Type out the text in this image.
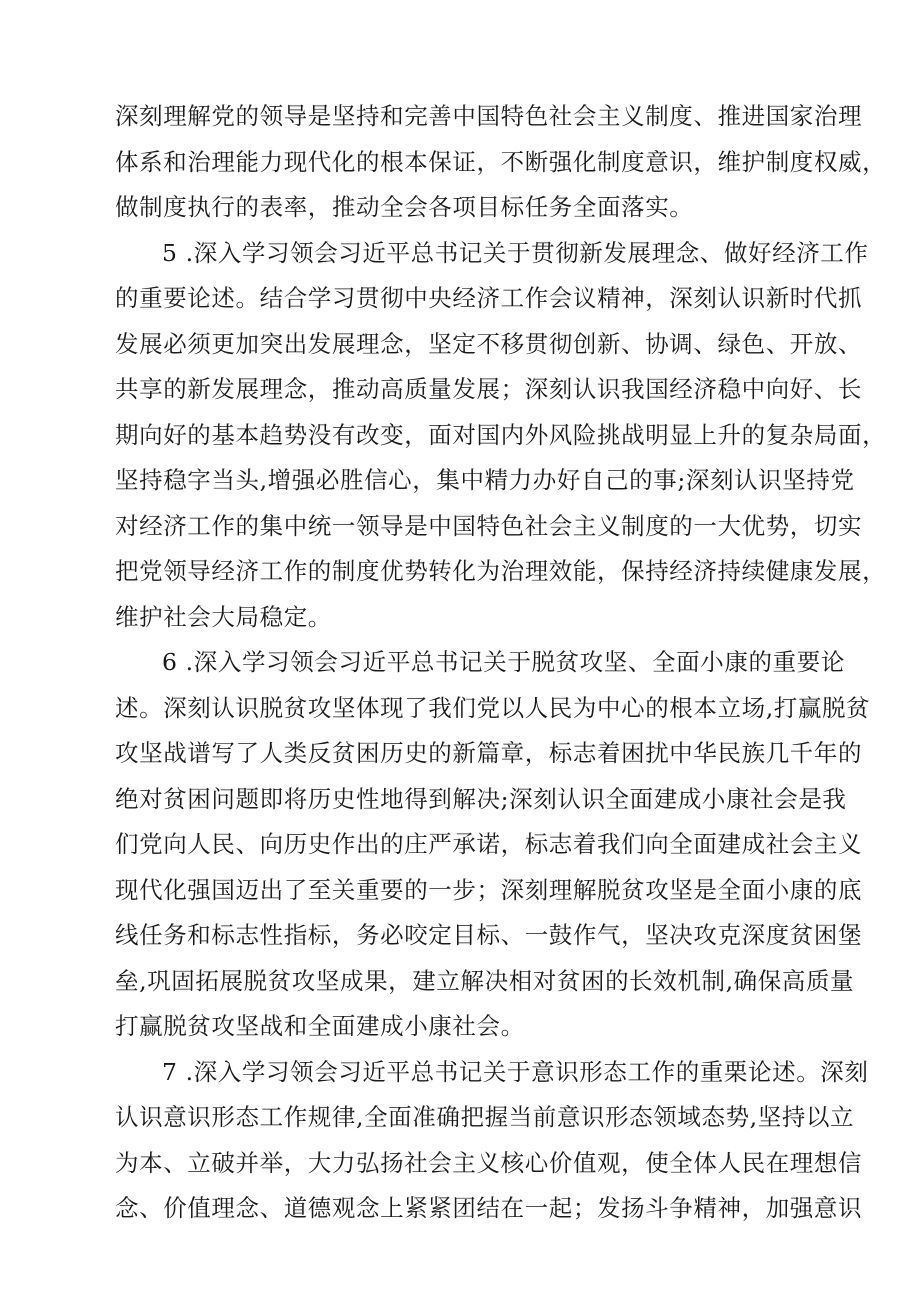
深刻理解党的领导是坚持和完善中国特色社会主义制度、推进国家治理
体系和治理能力现代化的根本保证，不断强化制度意识，维护制度权威，
做制度执行的表率，推动全会各项目标任务全面落实。
5 .深入学习领会习近平总书记关于贯彻新发展理念、做好经济工作
的重要论述。结合学习贯彻中央经济工作会议精神，深刻认识新时代抓
发展必须更加突出发展理念，坚定不移贯彻创新、协调、绿色、开放、
共享的新发展理念，推动高质量发展；深刻认识我国经济稳中向好、长
期向好的基本趋势没有改变，面对国内外风险挑战明显上升的复杂局面，
坚持稳字当头,增强必胜信心，集中精力办好自己的事;深刻认识坚持党
对经济工作的集中统一领导是中国特色社会主义制度的一大优势，切实
把党领导经济工作的制度优势转化为治理效能，保持经济持续健康发展，
维护社会大局稳定。
6 .深入学习领会习近平总书记关于脱贫攻坚、全面小康的重要论
述。深刻认识脱贫攻坚体现了我们党以人民为中心的根本立场,打赢脱贫
攻坚战谱写了人类反贫困历史的新篇章，标志着困扰中华民族几千年的
绝对贫困问题即将历史性地得到解决;深刻认识全面建成小康社会是我
们党向人民、向历史作出的庄严承诺，标志着我们向全面建成社会主义
现代化强国迈出了至关重要的一步；深刻理解脱贫攻坚是全面小康的底
线任务和标志性指标，务必咬定目标、一鼓作气，坚决攻克深度贫困堡
垒,巩固拓展脱贫攻坚成果，建立解决相对贫困的长效机制,确保高质量
打赢脱贫攻坚战和全面建成小康社会。
7 .深入学习领会习近平总书记关于意识形态工作的重栗论述。深刻
认识意识形态工作规律,全面准确把握当前意识形态领域态势,坚持以立
为本、立破并举，大力弘扬社会主义核心价值观，使全体人民在理想信
念、价值理念、道德观念上紧紧团结在一起；发扬斗争精神，加强意识
